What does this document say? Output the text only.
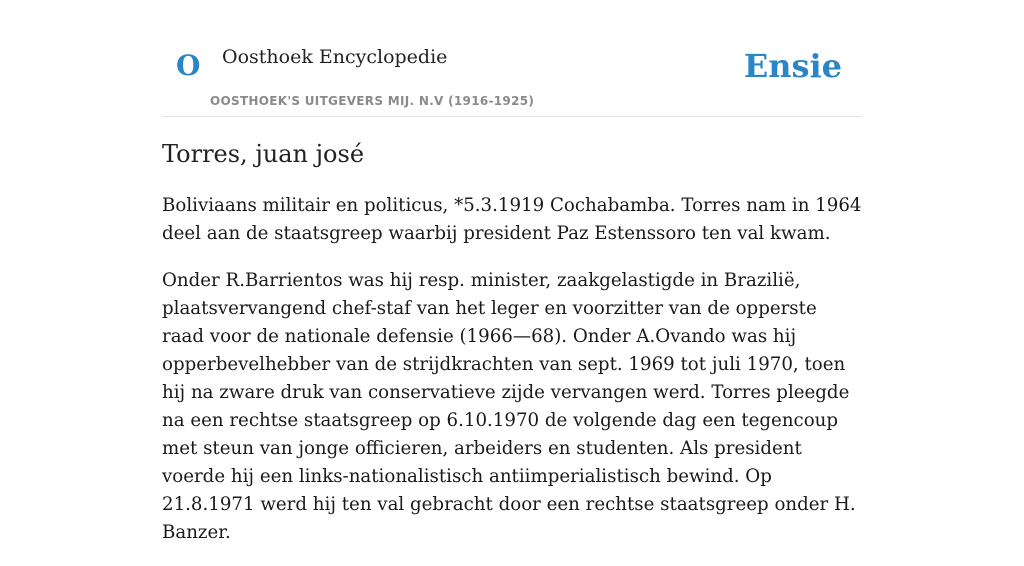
O Oosthoek Encyclopedie
OOSTHOEK'S UITGEVERS MIJ. N.V (1916-1925)
Ensie
Torres, juan josé

Boliviaans militair en politicus, *5.3.1919 Cochabamba. Torres nam in 1964 deel aan de staatsgreep waarbij president Paz Estenssoro ten val kwam.

Onder R.Barrientos was hij resp. minister, zaakgelastigde in Brazilië, plaatsvervangend chef-staf van het leger en voorzitter van de opperste raad voor de nationale defensie (1966—68). Onder A.Ovando was hij opperbevelhebber van de strijdkrachten van sept. 1969 tot juli 1970, toen hij na zware druk van conservatieve zijde vervangen werd. Torres pleegde na een rechtse staatsgreep op 6.10.1970 de volgende dag een tegencoup met steun van jonge officieren, arbeiders en studenten. Als president voerde hij een links-nationalistisch antiimperialistisch bewind. Op 21.8.1971 werd hij ten val gebracht door een rechtse staatsgreep onder H. Banzer.
